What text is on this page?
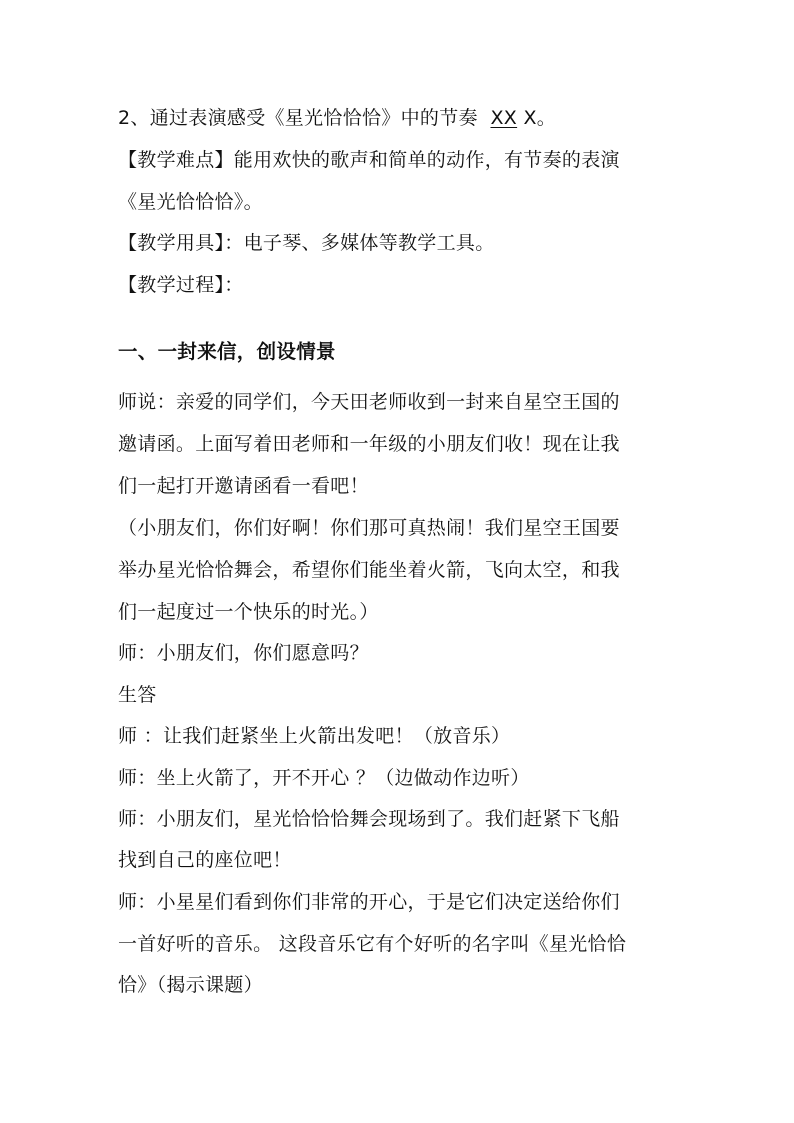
2、通过表演感受《星光恰恰恰》中的节奏 XX X。
【教学难点】能用欢快的歌声和简单的动作，有节奏的表演
《星光恰恰恰》。
【教学用具】：电子琴、多媒体等教学工具。
【教学过程】：
一、一封来信，创设情景
师说：亲爱的同学们，今天田老师收到一封来自星空王国的
邀请函。上面写着田老师和一年级的小朋友们收！现在让我
们一起打开邀请函看一看吧！
（小朋友们，你们好啊！你们那可真热闹！我们星空王国要
举办星光恰恰舞会，希望你们能坐着火箭，飞向太空，和我
们一起度过一个快乐的时光。）
师：小朋友们，你们愿意吗？
生答
师 ：让我们赶紧坐上火箭出发吧！（放音乐）
师：坐上火箭了，开不开心 ？（边做动作边听）
师：小朋友们，星光恰恰恰舞会现场到了。我们赶紧下飞船
找到自己的座位吧！
师：小星星们看到你们非常的开心，于是它们决定送给你们
一首好听的音乐。 这段音乐它有个好听的名字叫《星光恰恰
恰》（揭示课题）
